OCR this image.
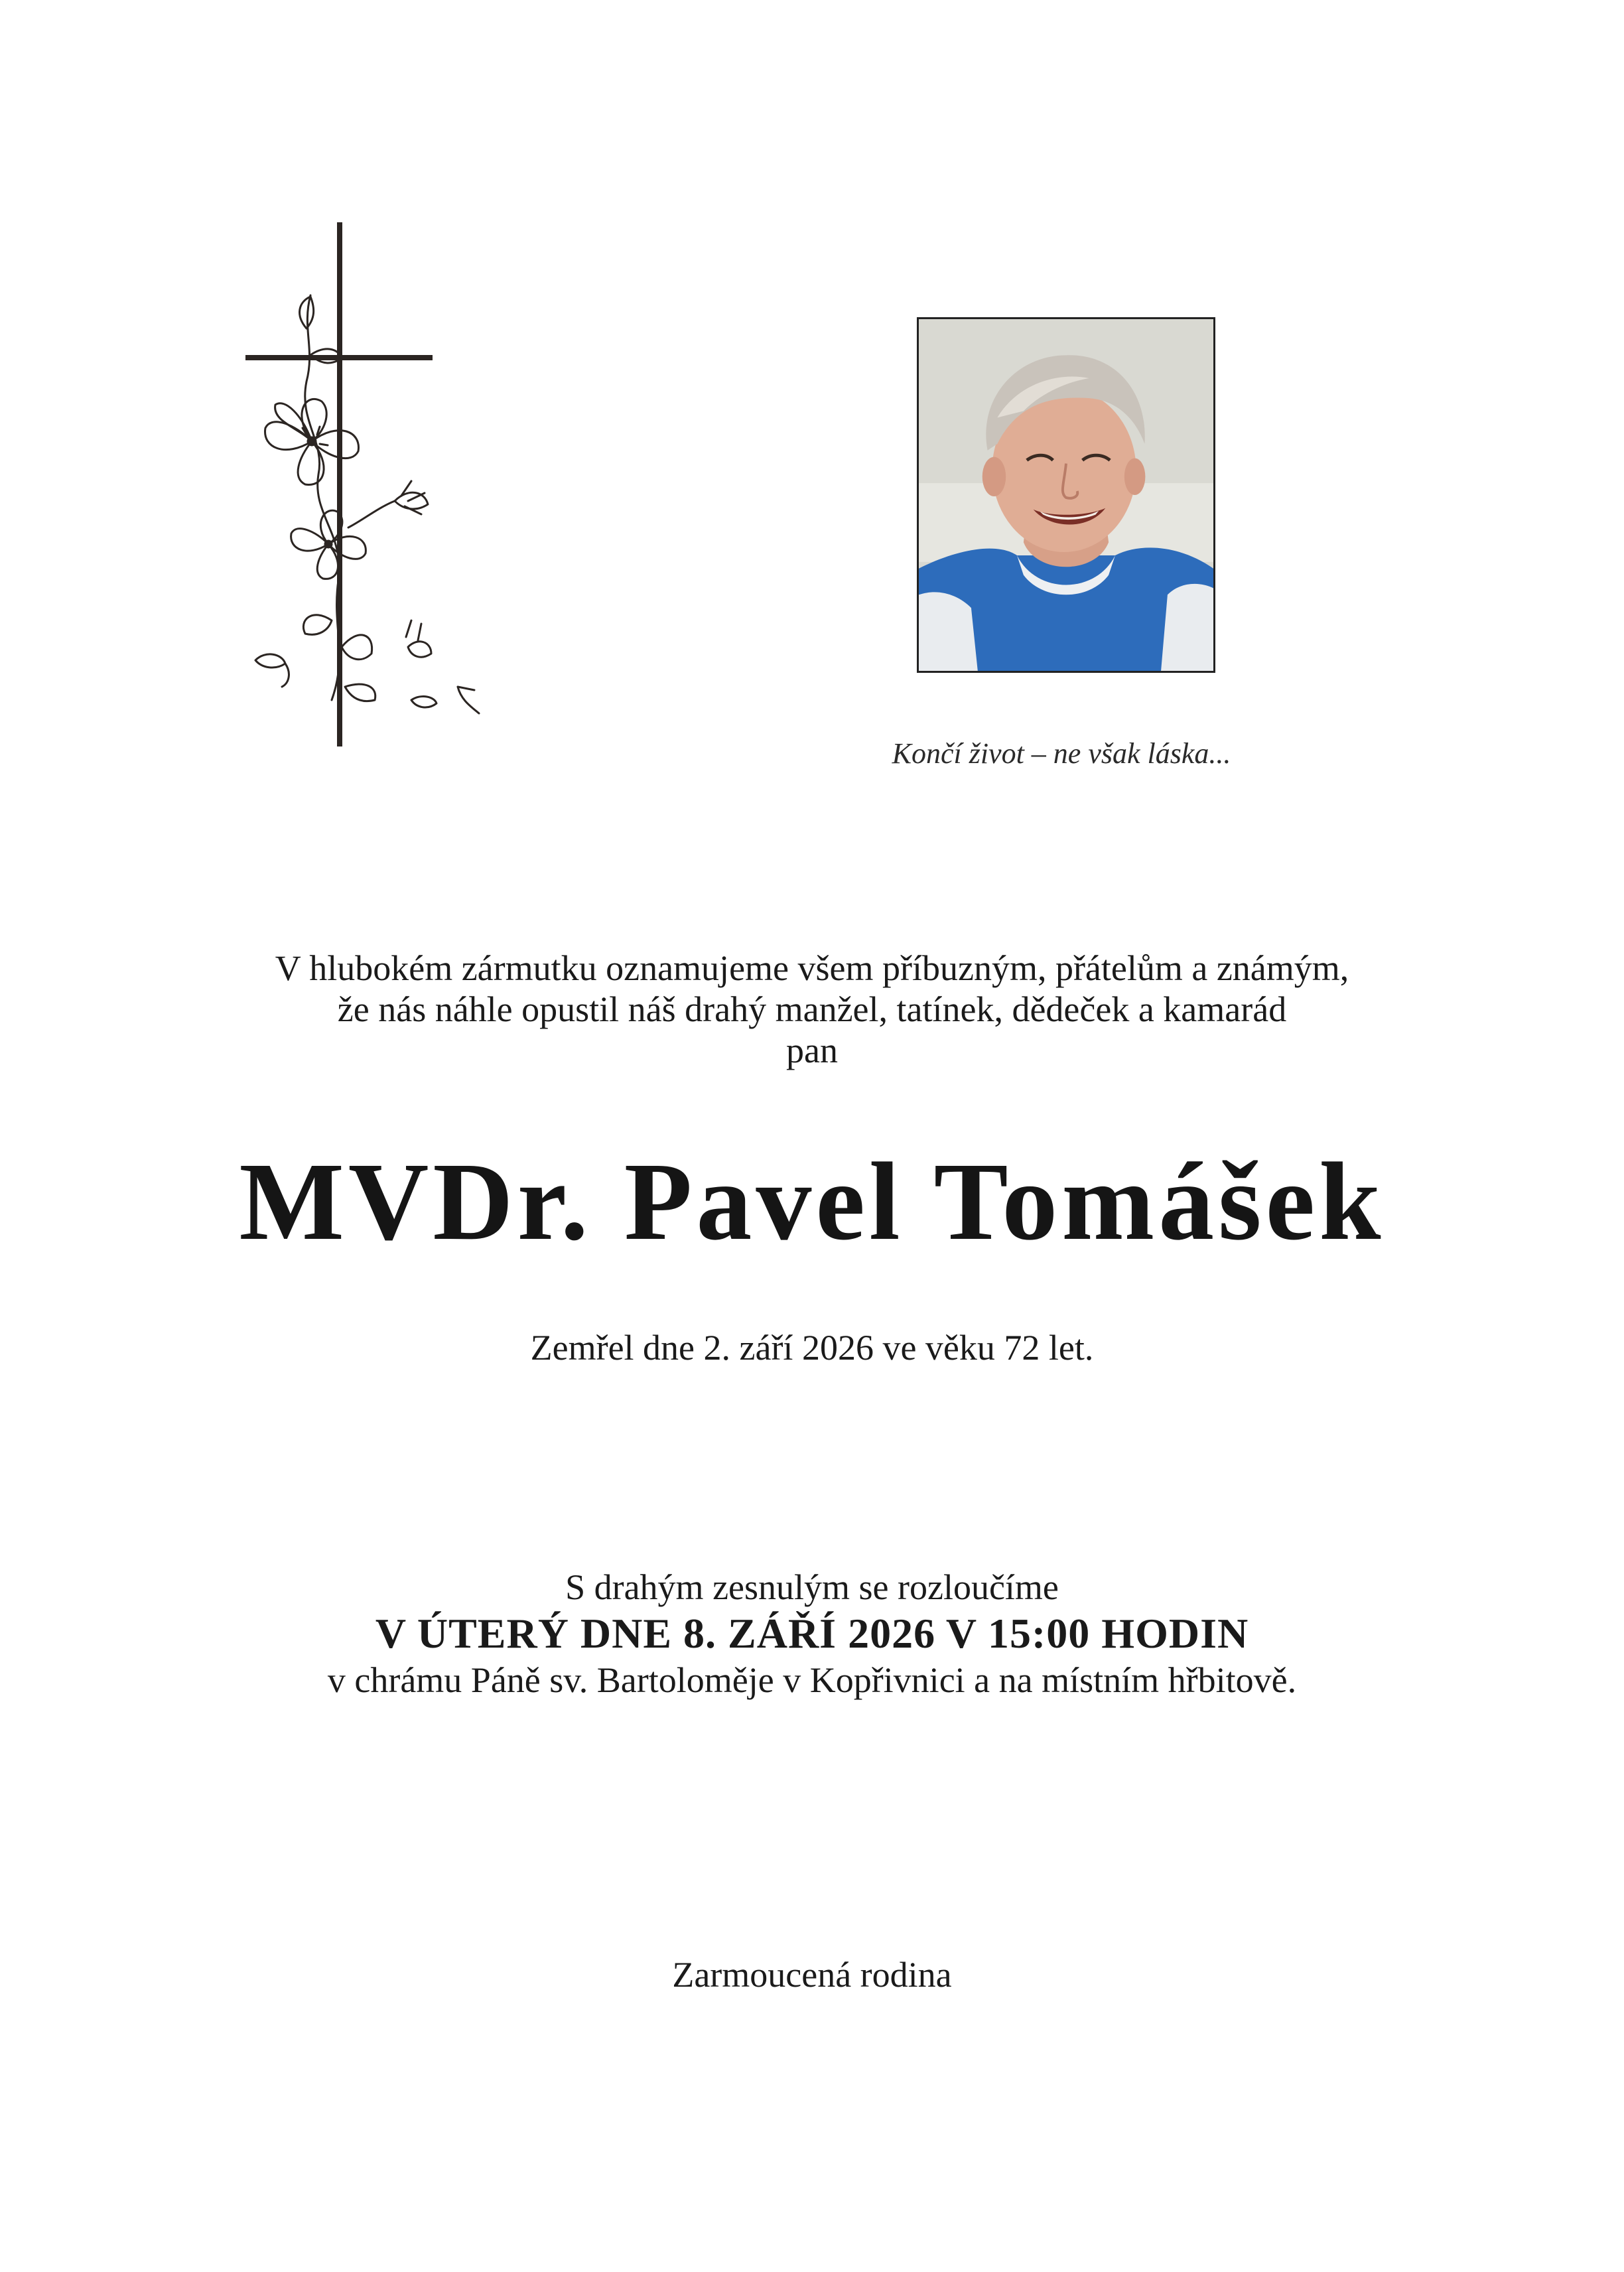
Končí život – ne však láska...
V hlubokém zármutku oznamujeme všem příbuzným, přátelům a známým,
že nás náhle opustil náš drahý manžel, tatínek, dědeček a kamarád
pan
MVDr. Pavel Tomášek
Zemřel dne 2. září 2026 ve věku 72 let.
S drahým zesnulým se rozloučíme
V ÚTERÝ DNE 8. ZÁŘÍ 2026 V 15:00 HODIN
v chrámu Páně sv. Bartoloměje v Kopřivnici a na místním hřbitově.
Zarmoucená rodina
